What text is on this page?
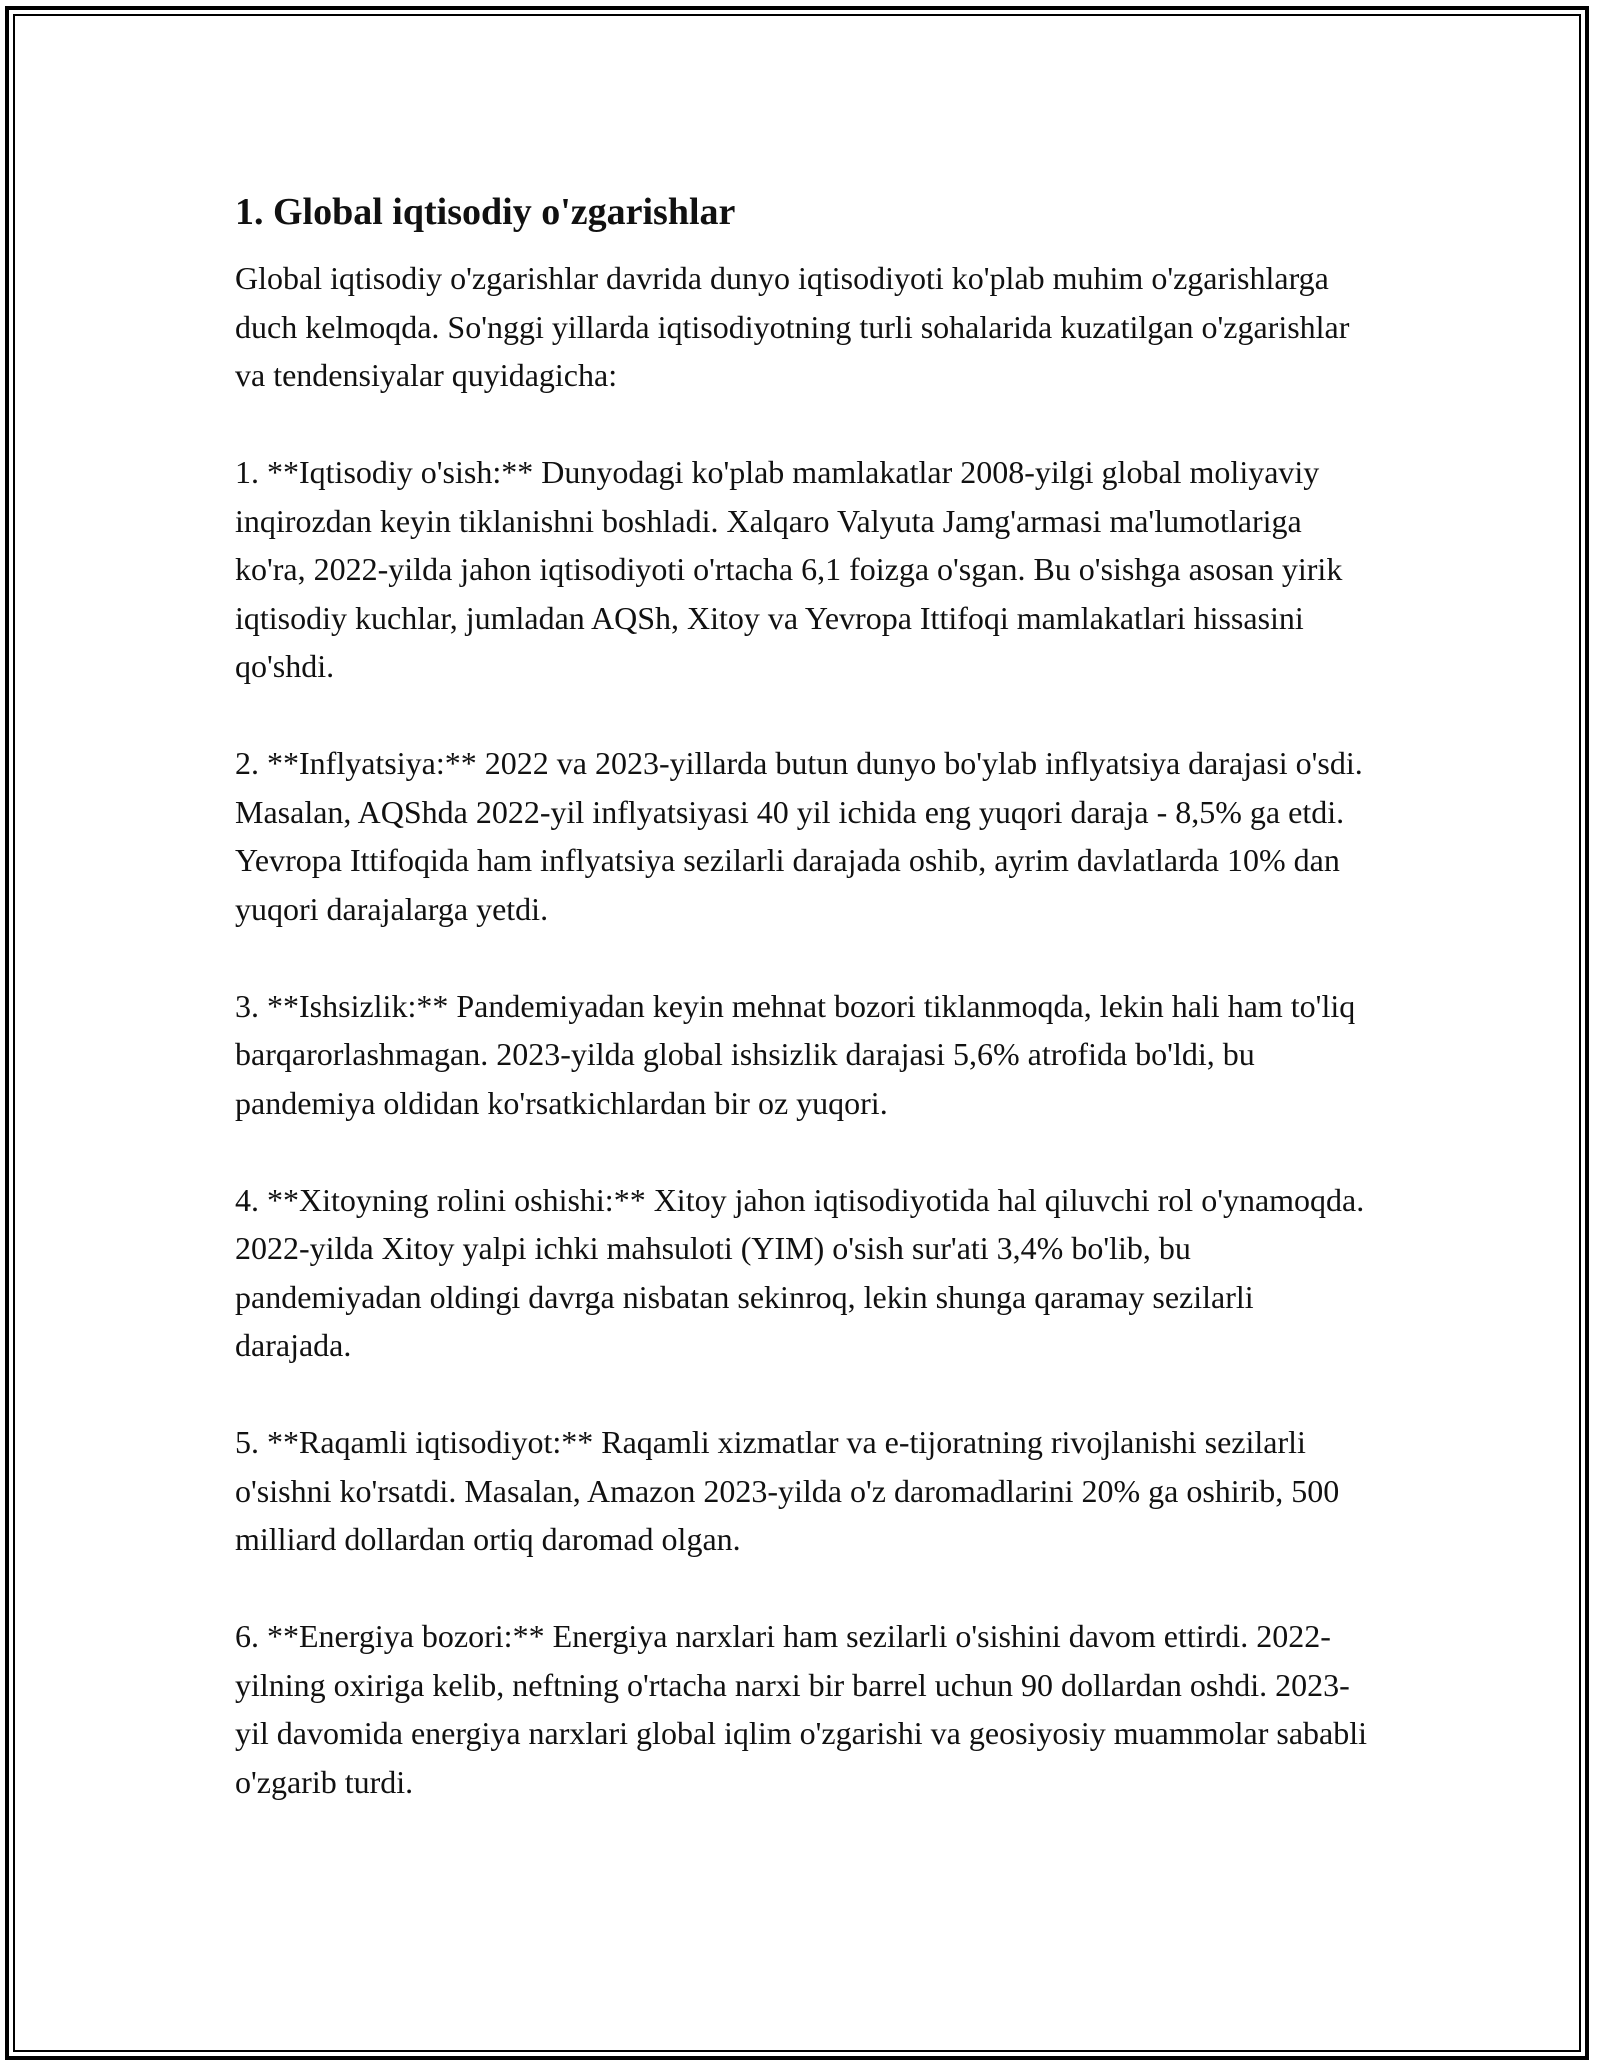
1. Global iqtisodiy o'zgarishlar

Global iqtisodiy o'zgarishlar davrida dunyo iqtisodiyoti ko'plab muhim o'zgarishlarga duch kelmoqda. So'nggi yillarda iqtisodiyotning turli sohalarida kuzatilgan o'zgarishlar va tendensiyalar quyidagicha:

1. **Iqtisodiy o'sish:** Dunyodagi ko'plab mamlakatlar 2008-yilgi global moliyaviy inqirozdan keyin tiklanishni boshladi. Xalqaro Valyuta Jamg'armasi ma'lumotlariga ko'ra, 2022-yilda jahon iqtisodiyoti o'rtacha 6,1 foizga o'sgan. Bu o'sishga asosan yirik iqtisodiy kuchlar, jumladan AQSh, Xitoy va Yevropa Ittifoqi mamlakatlari hissasini qo'shdi.

2. **Inflyatsiya:** 2022 va 2023-yillarda butun dunyo bo'ylab inflyatsiya darajasi o'sdi. Masalan, AQShda 2022-yil inflyatsiyasi 40 yil ichida eng yuqori daraja - 8,5% ga etdi. Yevropa Ittifoqida ham inflyatsiya sezilarli darajada oshib, ayrim davlatlarda 10% dan yuqori darajalarga yetdi.

3. **Ishsizlik:** Pandemiyadan keyin mehnat bozori tiklanmoqda, lekin hali ham to'liq barqarorlashmagan. 2023-yilda global ishsizlik darajasi 5,6% atrofida bo'ldi, bu pandemiya oldidan ko'rsatkichlardan bir oz yuqori.

4. **Xitoyning rolini oshishi:** Xitoy jahon iqtisodiyotida hal qiluvchi rol o'ynamoqda. 2022-yilda Xitoy yalpi ichki mahsuloti (YIM) o'sish sur'ati 3,4% bo'lib, bu pandemiyadan oldingi davrga nisbatan sekinroq, lekin shunga qaramay sezilarli darajada.

5. **Raqamli iqtisodiyot:** Raqamli xizmatlar va e-tijoratning rivojlanishi sezilarli o'sishni ko'rsatdi. Masalan, Amazon 2023-yilda o'z daromadlarini 20% ga oshirib, 500 milliard dollardan ortiq daromad olgan.

6. **Energiya bozori:** Energiya narxlari ham sezilarli o'sishini davom ettirdi. 2022-yilning oxiriga kelib, neftning o'rtacha narxi bir barrel uchun 90 dollardan oshdi. 2023-yil davomida energiya narxlari global iqlim o'zgarishi va geosiyosiy muammolar sababli o'zgarib turdi.
